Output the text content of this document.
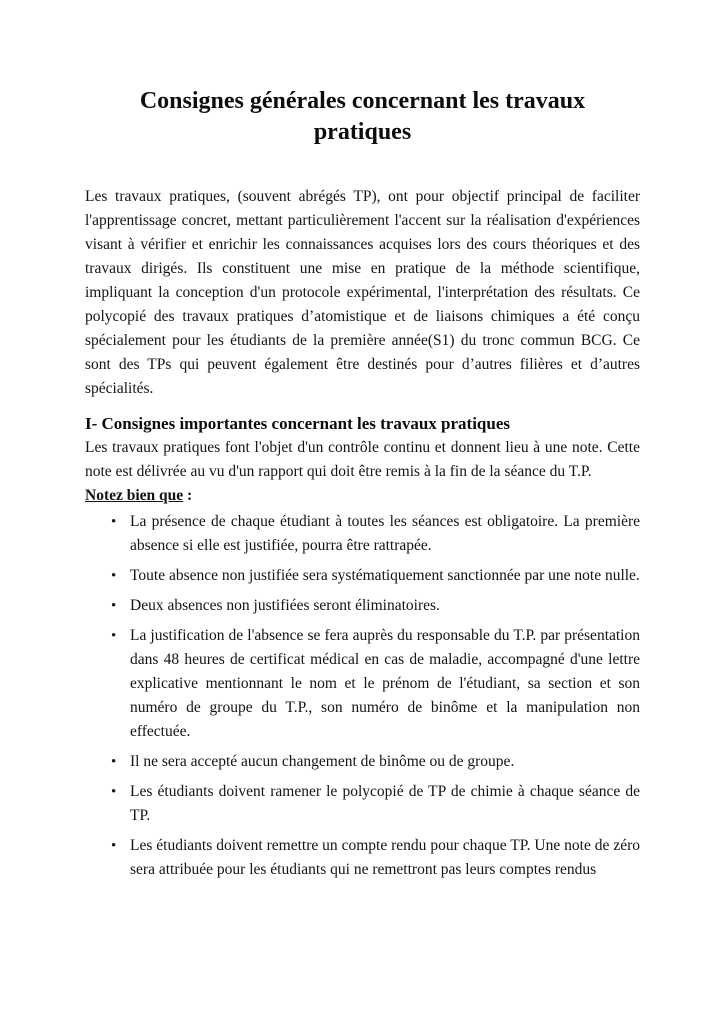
Consignes générales concernant les travaux pratiques

Les travaux pratiques, (souvent abrégés TP), ont pour objectif principal de faciliter l'apprentissage concret, mettant particulièrement l'accent sur la réalisation d'expériences visant à vérifier et enrichir les connaissances acquises lors des cours théoriques et des travaux dirigés. Ils constituent une mise en pratique de la méthode scientifique, impliquant la conception d'un protocole expérimental, l'interprétation des résultats. Ce polycopié des travaux pratiques d’atomistique et de liaisons chimiques a été conçu spécialement pour les étudiants de la première année(S1) du tronc commun BCG. Ce sont des TPs qui peuvent également être destinés pour d’autres filières et d’autres spécialités.

I- Consignes importantes concernant les travaux pratiques

Les travaux pratiques font l'objet d'un contrôle continu et donnent lieu à une note. Cette note est délivrée au vu d'un rapport qui doit être remis à la fin de la séance du T.P.

Notez bien que :

• La présence de chaque étudiant à toutes les séances est obligatoire. La première absence si elle est justifiée, pourra être rattrapée.
• Toute absence non justifiée sera systématiquement sanctionnée par une note nulle.
• Deux absences non justifiées seront éliminatoires.
• La justification de l'absence se fera auprès du responsable du T.P. par présentation dans 48 heures de certificat médical en cas de maladie, accompagné d'une lettre explicative mentionnant le nom et le prénom de l'étudiant, sa section et son numéro de groupe du T.P., son numéro de binôme et la manipulation non effectuée.
• Il ne sera accepté aucun changement de binôme ou de groupe.
• Les étudiants doivent ramener le polycopié de TP de chimie à chaque séance de TP.
• Les étudiants doivent remettre un compte rendu pour chaque TP. Une note de zéro sera attribuée pour les étudiants qui ne remettront pas leurs comptes rendus
